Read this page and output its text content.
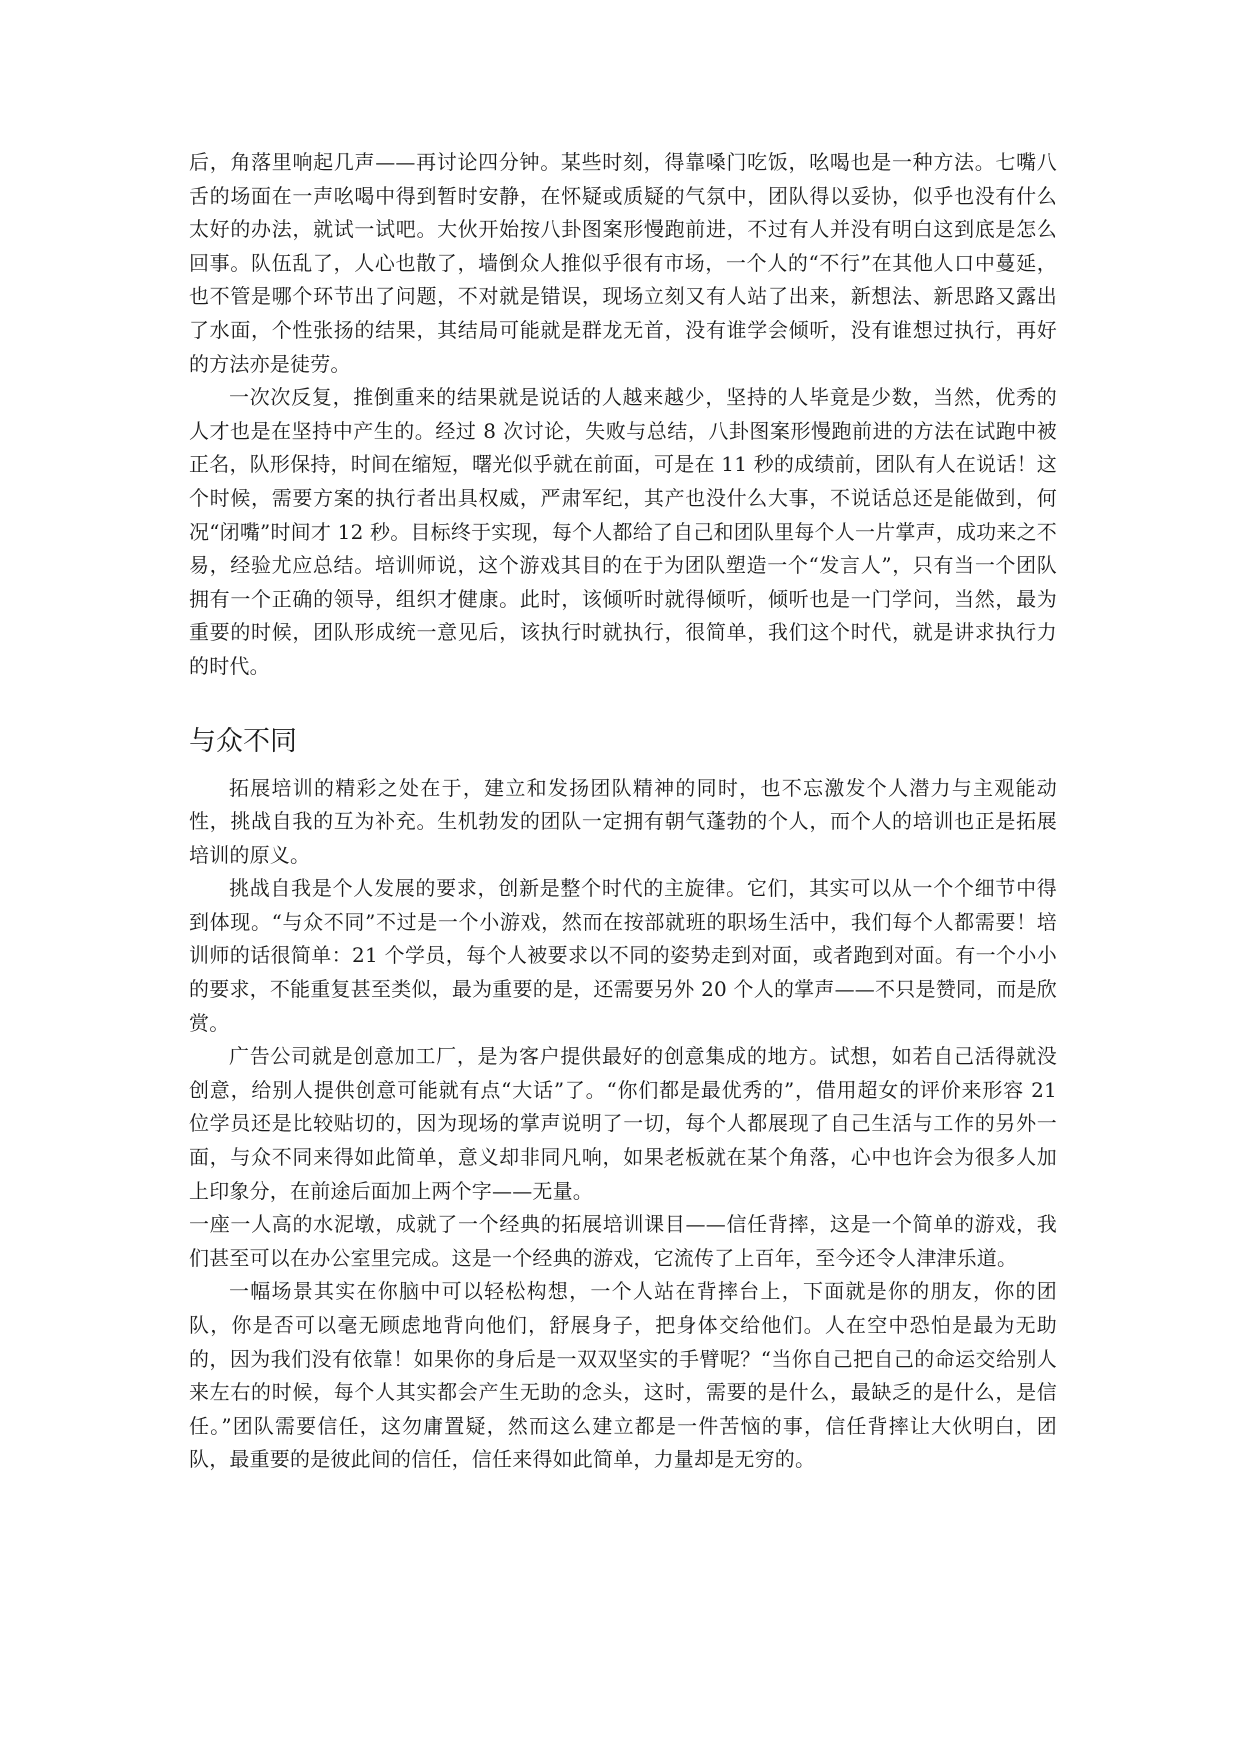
后，角落里响起几声——再讨论四分钟。某些时刻，得靠嗓门吃饭，吆喝也是一种方法。七嘴八舌的场面在一声吆喝中得到暂时安静，在怀疑或质疑的气氛中，团队得以妥协，似乎也没有什么太好的办法，就试一试吧。大伙开始按八卦图案形慢跑前进，不过有人并没有明白这到底是怎么回事。队伍乱了，人心也散了，墙倒众人推似乎很有市场，一个人的“不行”在其他人口中蔓延，也不管是哪个环节出了问题，不对就是错误，现场立刻又有人站了出来，新想法、新思路又露出了水面，个性张扬的结果，其结局可能就是群龙无首，没有谁学会倾听，没有谁想过执行，再好的方法亦是徒劳。

一次次反复，推倒重来的结果就是说话的人越来越少，坚持的人毕竟是少数，当然，优秀的人才也是在坚持中产生的。经过 8 次讨论，失败与总结，八卦图案形慢跑前进的方法在试跑中被正名，队形保持，时间在缩短，曙光似乎就在前面，可是在 11 秒的成绩前，团队有人在说话！这个时候，需要方案的执行者出具权威，严肃军纪，其产也没什么大事，不说话总还是能做到，何况“闭嘴”时间才 12 秒。目标终于实现，每个人都给了自己和团队里每个人一片掌声，成功来之不易，经验尤应总结。培训师说，这个游戏其目的在于为团队塑造一个“发言人”，只有当一个团队拥有一个正确的领导，组织才健康。此时，该倾听时就得倾听，倾听也是一门学问，当然，最为重要的时候，团队形成统一意见后，该执行时就执行，很简单，我们这个时代，就是讲求执行力的时代。

与众不同

拓展培训的精彩之处在于，建立和发扬团队精神的同时，也不忘激发个人潜力与主观能动性，挑战自我的互为补充。生机勃发的团队一定拥有朝气蓬勃的个人，而个人的培训也正是拓展培训的原义。

挑战自我是个人发展的要求，创新是整个时代的主旋律。它们，其实可以从一个个细节中得到体现。“与众不同”不过是一个小游戏，然而在按部就班的职场生活中，我们每个人都需要！培训师的话很简单：21 个学员，每个人被要求以不同的姿势走到对面，或者跑到对面。有一个小小的要求，不能重复甚至类似，最为重要的是，还需要另外 20 个人的掌声——不只是赞同，而是欣赏。

广告公司就是创意加工厂，是为客户提供最好的创意集成的地方。试想，如若自己活得就没创意，给别人提供创意可能就有点“大话”了。“你们都是最优秀的”，借用超女的评价来形容 21 位学员还是比较贴切的，因为现场的掌声说明了一切，每个人都展现了自己生活与工作的另外一面，与众不同来得如此简单，意义却非同凡响，如果老板就在某个角落，心中也许会为很多人加上印象分，在前途后面加上两个字——无量。

一座一人高的水泥墩，成就了一个经典的拓展培训课目——信任背摔，这是一个简单的游戏，我们甚至可以在办公室里完成。这是一个经典的游戏，它流传了上百年，至今还令人津津乐道。

一幅场景其实在你脑中可以轻松构想，一个人站在背摔台上，下面就是你的朋友，你的团队，你是否可以毫无顾虑地背向他们，舒展身子，把身体交给他们。人在空中恐怕是最为无助的，因为我们没有依靠！如果你的身后是一双双坚实的手臂呢？“当你自己把自己的命运交给别人来左右的时候，每个人其实都会产生无助的念头，这时，需要的是什么，最缺乏的是什么，是信任。”团队需要信任，这勿庸置疑，然而这么建立都是一件苦恼的事，信任背摔让大伙明白，团队，最重要的是彼此间的信任，信任来得如此简单，力量却是无穷的。
